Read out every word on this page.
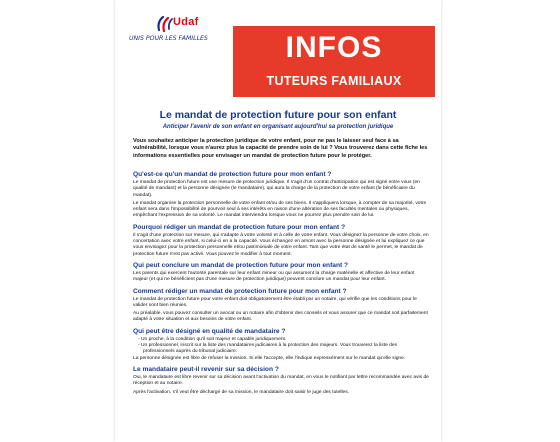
Udaf
UNIS POUR LES FAMILLES	INFOS
TUTEURS FAMILIAUX
Le mandat de protection future pour son enfant
Anticiper l'avenir de son enfant en organisant aujourd'hui sa protection juridique
Vous souhaitez anticiper la protection juridique de votre enfant, pour ne pas le laisser seul face à sa vulnérabilité, lorsque vous n'aurez plus la capacité de prendre soin de lui ? Vous trouverez dans cette fiche les informations essentielles pour envisager un mandat de protection future pour le protéger.
Qu'est-ce qu'un mandat de protection future pour mon enfant ?
Le mandat de protection future est une mesure de protection juridique. Il s'agit d'un contrat d'anticipation qui est signé entre vous (en qualité de mandant) et la personne désignée (le mandataire), qui aura la charge de la protection de votre enfant (le bénéficiaire du mandat).
Le mandat organise la protection personnelle de votre enfant et/ou de ses biens. Il s'appliquera lorsque, à compter de sa majorité, votre enfant sera dans l'impossibilité de pourvoir seul à ses intérêts en raison d'une altération de ses facultés mentales ou physiques, empêchant l'expression de sa volonté. Le mandat interviendra lorsque vous ne pourrez plus prendre soin de lui.
Pourquoi rédiger un mandat de protection future pour mon enfant ?
Il s'agit d'une protection sur mesure, qui s'adapte à votre volonté et à celle de votre enfant. Vous désignez la personne de votre choix, en concertation avec votre enfant, si celui-ci en a la capacité. Vous échangez en amont avec la personne désignée et lui expliquez ce que vous envisagez pour la protection personnelle et/ou patrimoniale de votre enfant. Tant que votre état de santé le permet, le mandat de protection future n'est pas activé. Vous pouvez le modifier à tout moment.
Qui peut conclure un mandat de protection future pour mon enfant ?
Les parents qui exercent l'autorité parentale sur leur enfant mineur ou qui assument la charge matérielle et affective de leur enfant majeur (et qui ne bénéficient pas d'une mesure de protection juridique) peuvent conclure un mandat pour leur enfant.
Comment rédiger un mandat de protection future pour mon enfant ?
Le mandat de protection future pour votre enfant doit obligatoirement être établi par un notaire, qui vérifie que les conditions pour le valider sont bien réunies.
Au préalable, vous pouvez consulter un avocat ou un notaire afin d'obtenir des conseils et vous assurer que ce mandat soit parfaitement adapté à votre situation et aux besoins de votre enfant.
Qui peut être désigné en qualité de mandataire ?
- Un proche, à la condition qu'il soit majeur et capable juridiquement.
- Un professionnel, inscrit sur la liste des mandataires judiciaires à la protection des majeurs. Vous trouverez la liste des professionnels auprès du tribunal judiciaire.
La personne désignée est libre de refuser la mission. Si elle l'accepte, elle l'indique expressément sur le mandat qu'elle signe.
Le mandataire peut-il revenir sur sa décision ?
Oui, le mandataire est libre revenir sur sa décision avant l'activation du mandat, en vous le notifiant par lettre recommandée avec avis de réception et au notaire.
Après l'activation, s'il veut être déchargé de sa mission, le mandataire doit saisir le juge des tutelles.
